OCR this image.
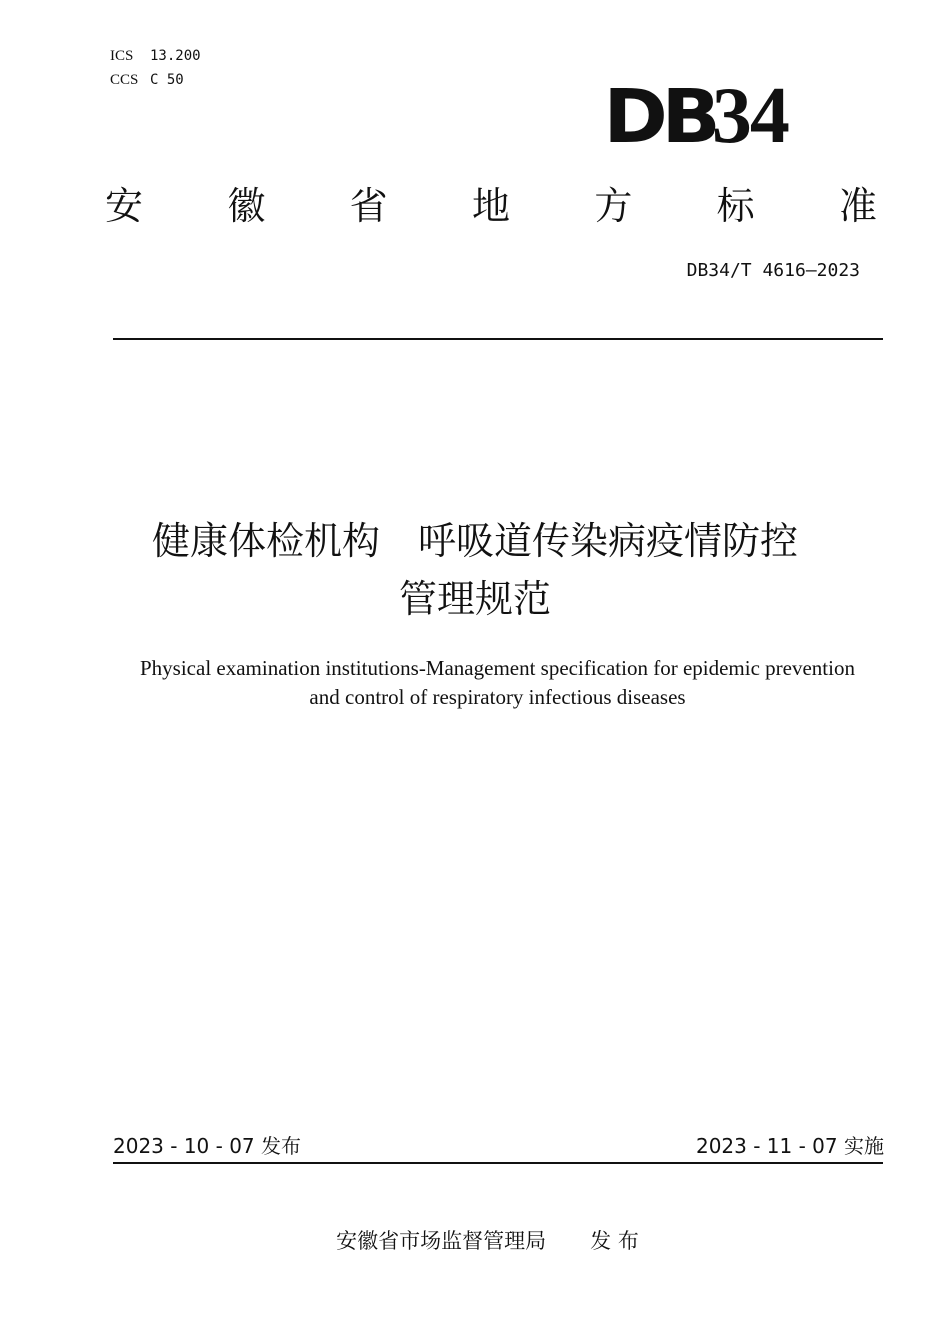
ICS 13.200
CCS C 50	DB34
安 徽 省 地 方 标 准
DB34/T 4616—2023
健康体检机构　呼吸道传染病疫情防控
管理规范
Physical examination institutions-Management specification for epidemic prevention
and control of respiratory infectious diseases
2023 - 10 - 07 发布	2023 - 11 - 07 实施
安徽省市场监督管理局 发 布
